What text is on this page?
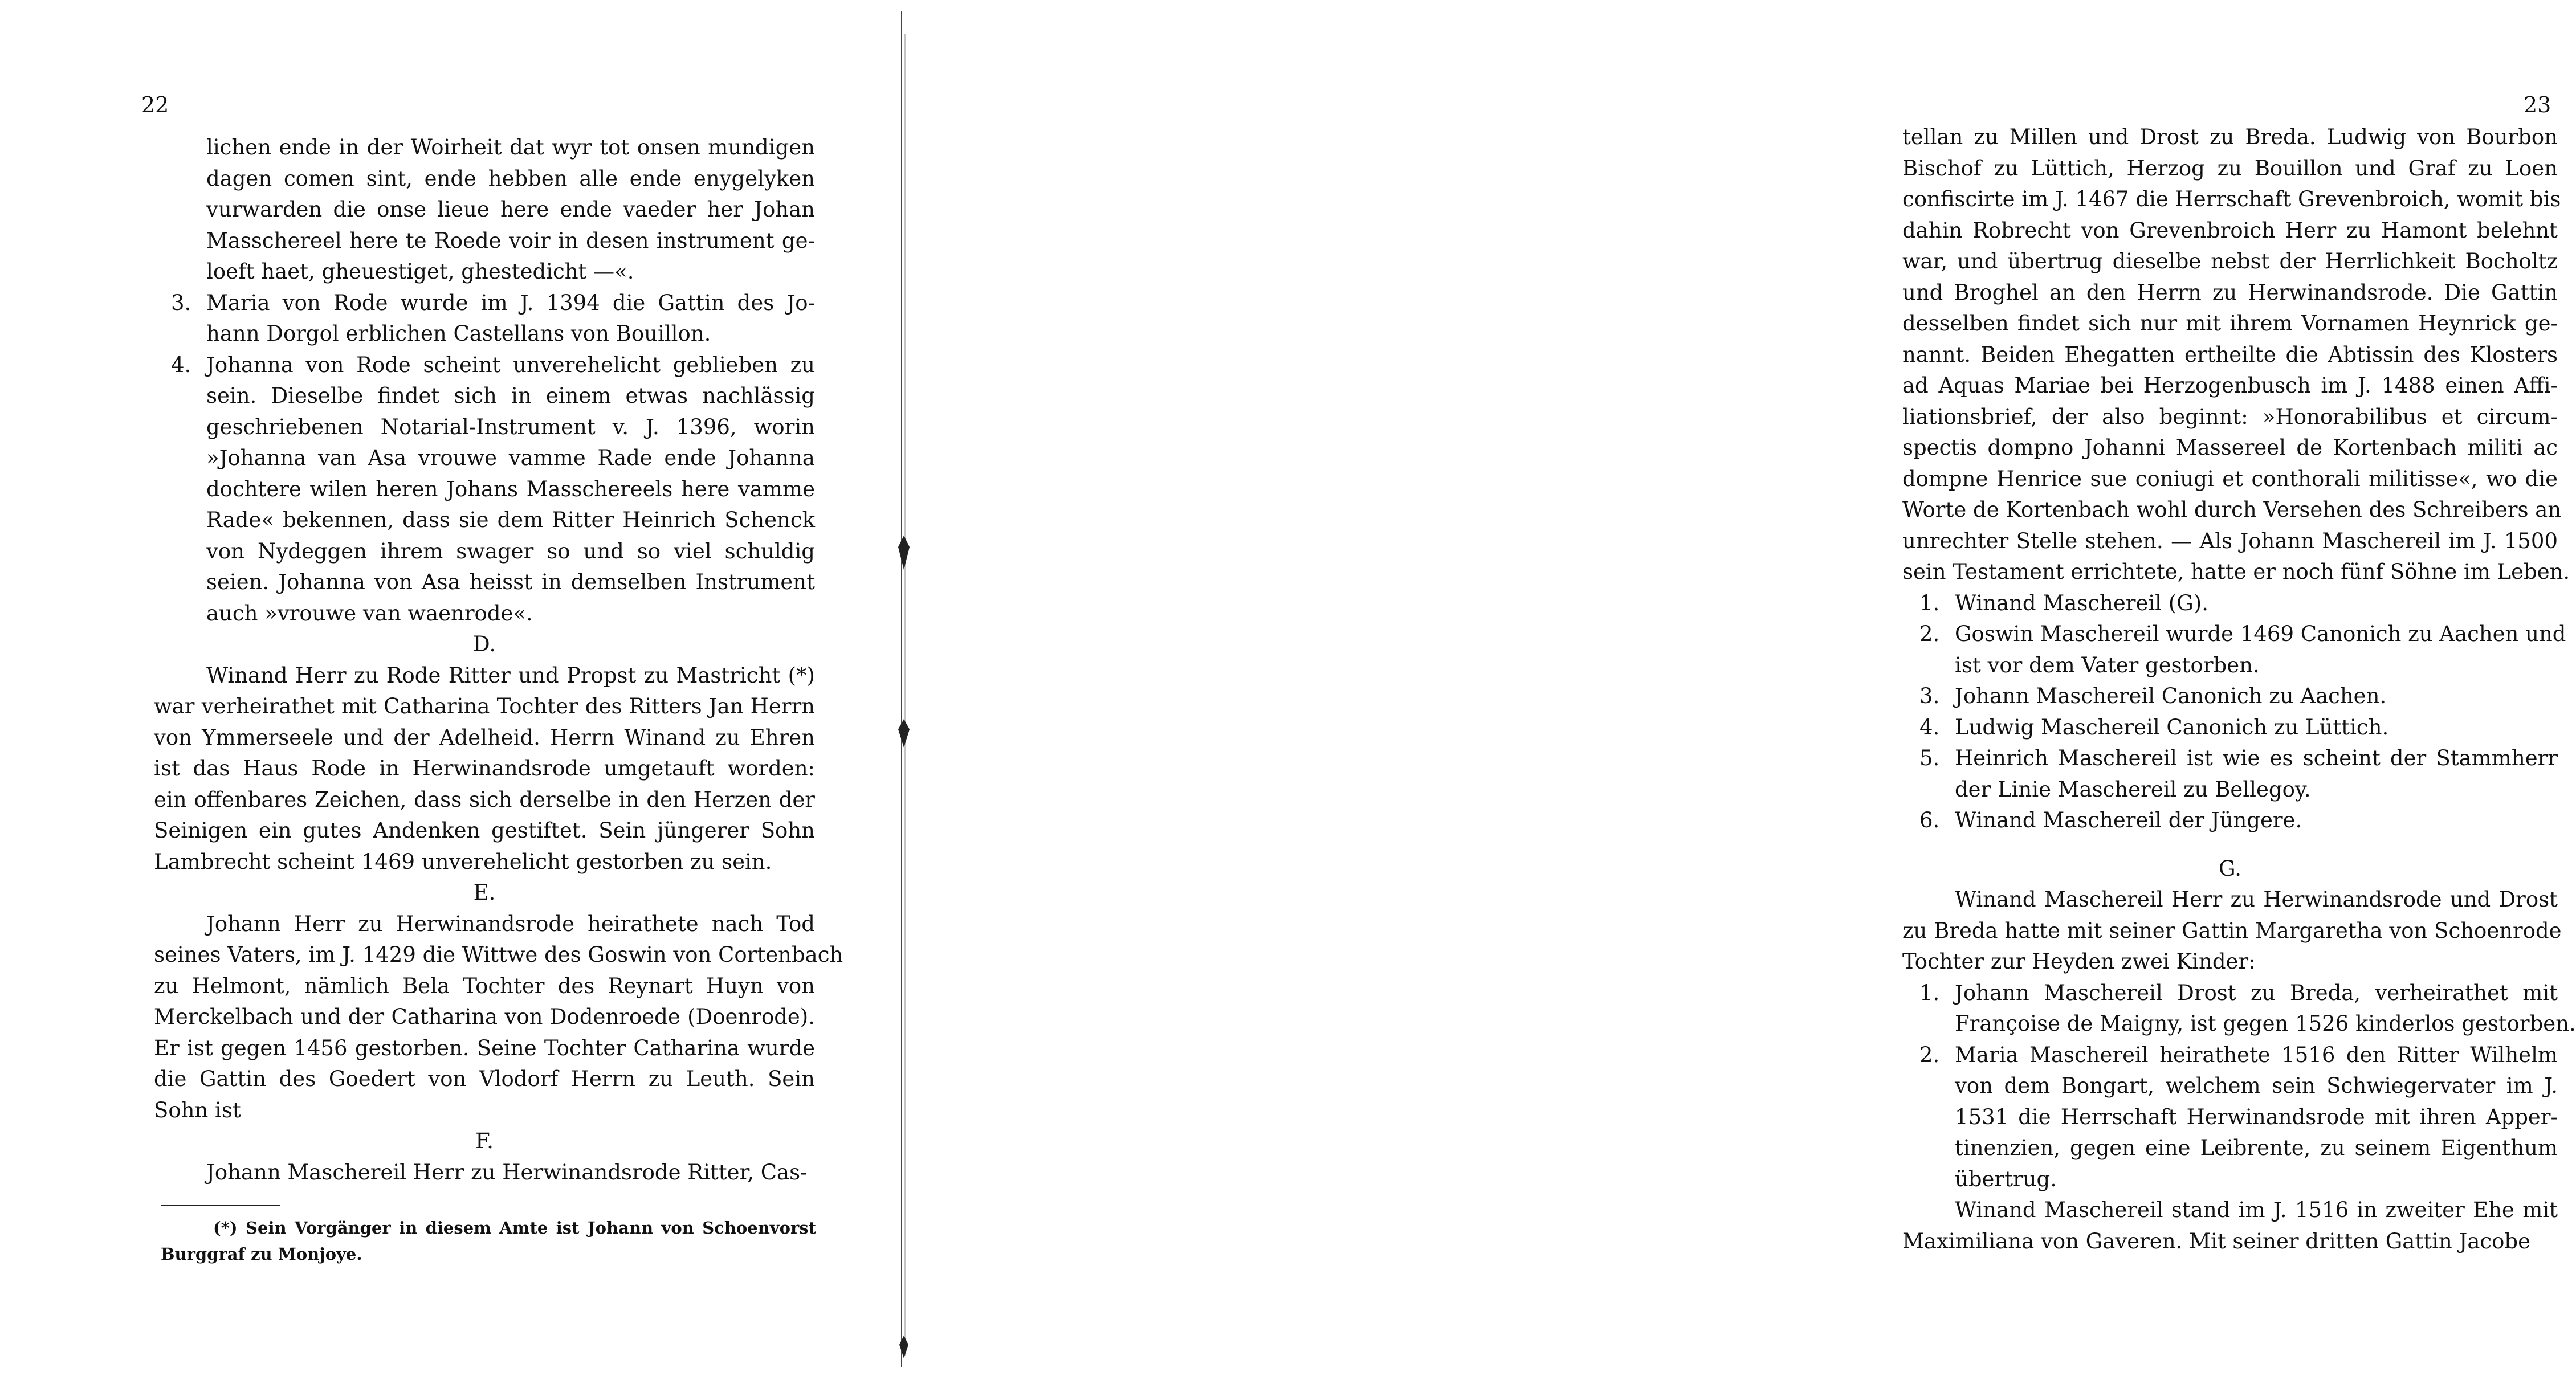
22
lichen ende in der Woirheit dat wyr tot onsen mundigen
dagen comen sint, ende hebben alle ende enygelyken
vurwarden die onse lieue here ende vaeder her Johan
Masschereel here te Roede voir in desen instrument ge-
loeft haet, gheuestiget, ghestedicht —«.
3. Maria von Rode wurde im J. 1394 die Gattin des Jo-
hann Dorgol erblichen Castellans von Bouillon.
4. Johanna von Rode scheint unverehelicht geblieben zu
sein. Dieselbe findet sich in einem etwas nachlässig
geschriebenen Notarial-Instrument v. J. 1396, worin
»Johanna van Asa vrouwe vamme Rade ende Johanna
dochtere wilen heren Johans Masschereels here vamme
Rade« bekennen, dass sie dem Ritter Heinrich Schenck
von Nydeggen ihrem swager so und so viel schuldig
seien. Johanna von Asa heisst in demselben Instrument
auch »vrouwe van waenrode«.
D.
Winand Herr zu Rode Ritter und Propst zu Mastricht (*)
war verheirathet mit Catharina Tochter des Ritters Jan Herrn
von Ymmerseele und der Adelheid. Herrn Winand zu Ehren
ist das Haus Rode in Herwinandsrode umgetauft worden:
ein offenbares Zeichen, dass sich derselbe in den Herzen der
Seinigen ein gutes Andenken gestiftet. Sein jüngerer Sohn
Lambrecht scheint 1469 unverehelicht gestorben zu sein.
E.
Johann Herr zu Herwinandsrode heirathete nach Tod
seines Vaters, im J. 1429 die Wittwe des Goswin von Cortenbach
zu Helmont, nämlich Bela Tochter des Reynart Huyn von
Merckelbach und der Catharina von Dodenroede (Doenrode).
Er ist gegen 1456 gestorben. Seine Tochter Catharina wurde
die Gattin des Goedert von Vlodorf Herrn zu Leuth. Sein
Sohn ist
F.
Johann Maschereil Herr zu Herwinandsrode Ritter, Cas-
(*) Sein Vorgänger in diesem Amte ist Johann von Schoenvorst
Burggraf zu Monjoye.
23
tellan zu Millen und Drost zu Breda. Ludwig von Bourbon
Bischof zu Lüttich, Herzog zu Bouillon und Graf zu Loen
confiscirte im J. 1467 die Herrschaft Grevenbroich, womit bis
dahin Robrecht von Grevenbroich Herr zu Hamont belehnt
war, und übertrug dieselbe nebst der Herrlichkeit Bocholtz
und Broghel an den Herrn zu Herwinandsrode. Die Gattin
desselben findet sich nur mit ihrem Vornamen Heynrick ge-
nannt. Beiden Ehegatten ertheilte die Abtissin des Klosters
ad Aquas Mariae bei Herzogenbusch im J. 1488 einen Affi-
liationsbrief, der also beginnt: »Honorabilibus et circum-
spectis dompno Johanni Massereel de Kortenbach militi ac
dompne Henrice sue coniugi et conthorali militisse«, wo die
Worte de Kortenbach wohl durch Versehen des Schreibers an
unrechter Stelle stehen. — Als Johann Maschereil im J. 1500
sein Testament errichtete, hatte er noch fünf Söhne im Leben.
1. Winand Maschereil (G).
2. Goswin Maschereil wurde 1469 Canonich zu Aachen und
ist vor dem Vater gestorben.
3. Johann Maschereil Canonich zu Aachen.
4. Ludwig Maschereil Canonich zu Lüttich.
5. Heinrich Maschereil ist wie es scheint der Stammherr
der Linie Maschereil zu Bellegoy.
6. Winand Maschereil der Jüngere.
G.
Winand Maschereil Herr zu Herwinandsrode und Drost
zu Breda hatte mit seiner Gattin Margaretha von Schoenrode
Tochter zur Heyden zwei Kinder:
1. Johann Maschereil Drost zu Breda, verheirathet mit
Françoise de Maigny, ist gegen 1526 kinderlos gestorben.
2. Maria Maschereil heirathete 1516 den Ritter Wilhelm
von dem Bongart, welchem sein Schwiegervater im J.
1531 die Herrschaft Herwinandsrode mit ihren Apper-
tinenzien, gegen eine Leibrente, zu seinem Eigenthum
übertrug.
Winand Maschereil stand im J. 1516 in zweiter Ehe mit
Maximiliana von Gaveren. Mit seiner dritten Gattin Jacobe
